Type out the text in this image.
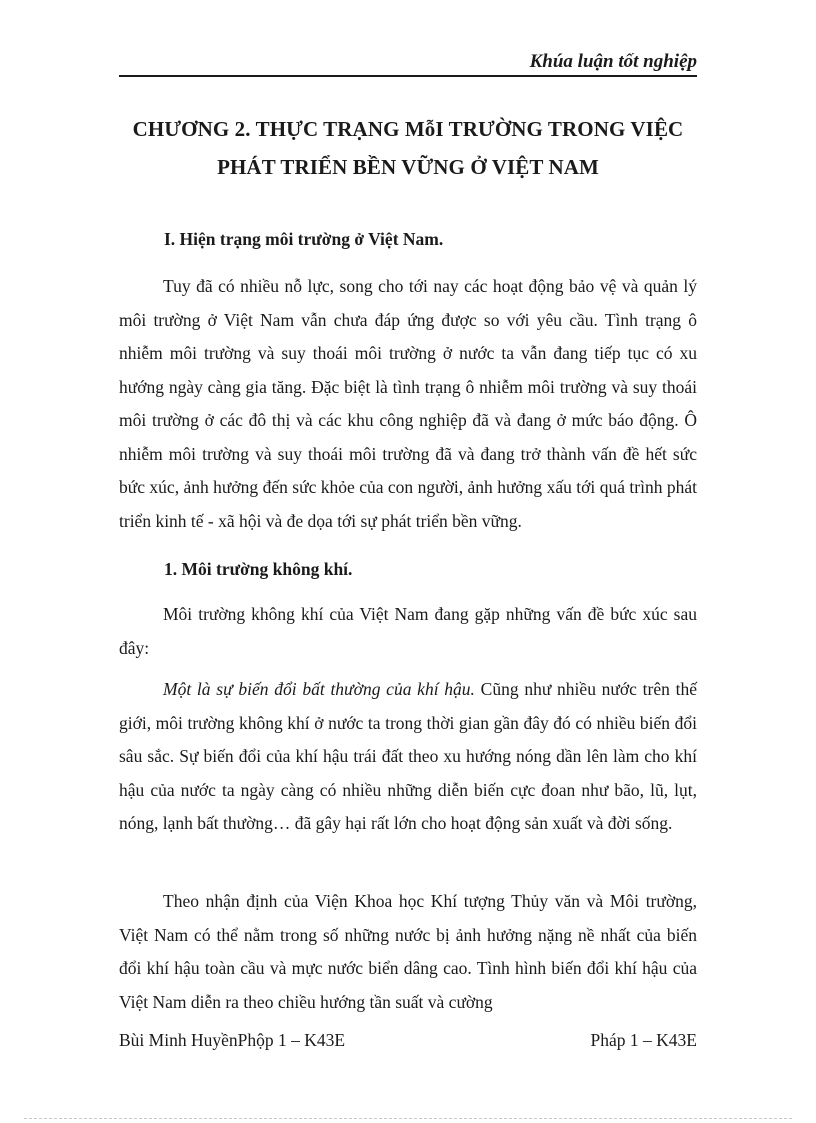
Khúa luận tốt nghiệp
CHƯƠNG 2. THỰC TRẠNG MỗI TRƯỜNG TRONG VIỆC
PHÁT TRIỂN BỀN VỮNG Ở VIỆT NAM
I. Hiện trạng môi trường ở Việt Nam.
Tuy đã có nhiều nỗ lực, song cho tới nay các hoạt động bảo vệ và quản lý môi trường ở Việt Nam vẫn chưa đáp ứng được so với yêu cầu. Tình trạng ô nhiễm môi trường và suy thoái môi trường ở nước ta vẫn đang tiếp tục có xu hướng ngày càng gia tăng. Đặc biệt là tình trạng ô nhiễm môi trường và suy thoái môi trường ở các đô thị và các khu công nghiệp đã và đang ở mức báo động. Ô nhiễm môi trường và suy thoái môi trường đã và đang trở thành vấn đề hết sức bức xúc, ảnh hưởng đến sức khỏe của con người, ảnh hưởng xấu tới quá trình phát triển kinh tế - xã hội và đe dọa tới sự phát triển bền vững.
1. Môi trường không khí.
Môi trường không khí của Việt Nam đang gặp những vấn đề bức xúc sau đây:
Một là sự biến đổi bất thường của khí hậu. Cũng như nhiều nước trên thế giới, môi trường không khí ở nước ta trong thời gian gần đây đó có nhiều biến đổi sâu sắc. Sự biến đổi của khí hậu trái đất theo xu hướng nóng dần lên làm cho khí hậu của nước ta ngày càng có nhiều những diễn biến cực đoan như bão, lũ, lụt, nóng, lạnh bất thường… đã gây hại rất lớn cho hoạt động sản xuất và đời sống.
Theo nhận định của Viện Khoa học Khí tượng Thủy văn và Môi trường, Việt Nam có thể nằm trong số những nước bị ảnh hưởng nặng nề nhất của biến đổi khí hậu toàn cầu và mực nước biển dâng cao. Tình hình biến đổi khí hậu của Việt Nam diễn ra theo chiều hướng tần suất và cường
Bùi Minh HuyềnPhộp 1 – K43E	Pháp 1 – K43E
